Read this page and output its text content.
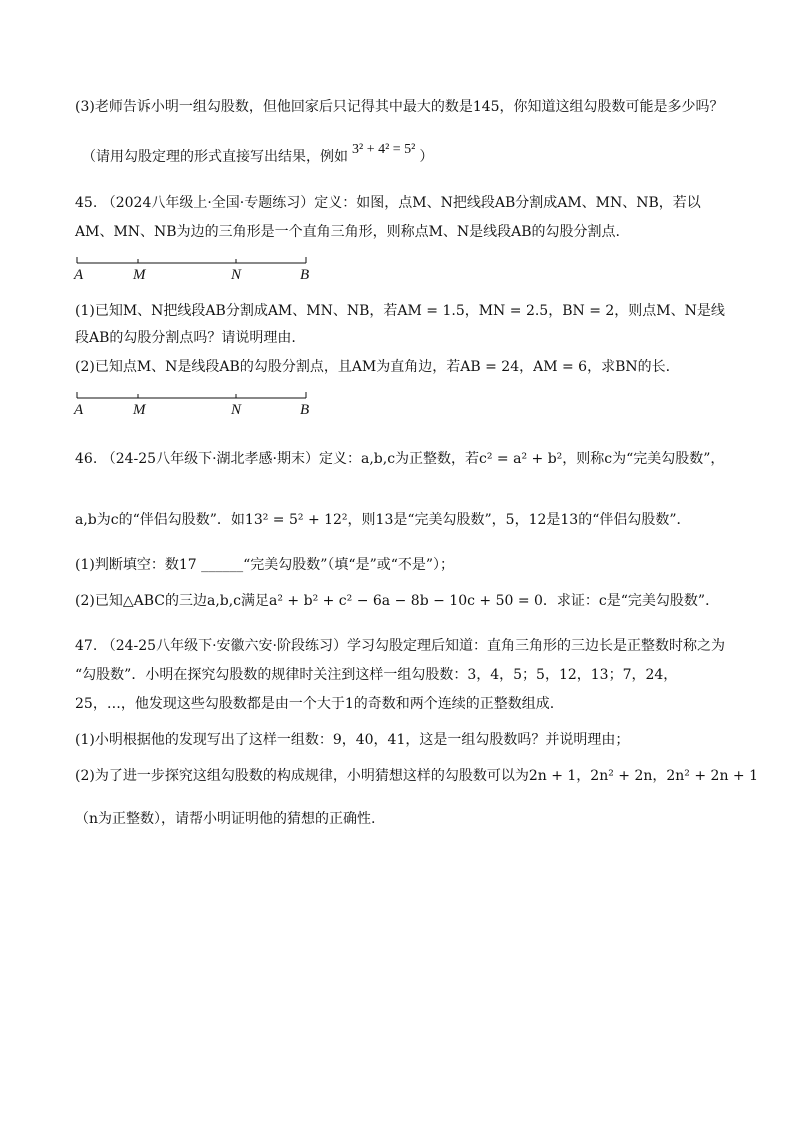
(3)老师告诉小明一组勾股数，但他回家后只记得其中最大的数是145，你知道这组勾股数可能是多少吗？
（请用勾股定理的形式直接写出结果，例如 3² + 4² = 5² ）
45. （2024八年级上·全国·专题练习）定义：如图，点M、N把线段AB分割成AM、MN、NB，若以
AM、MN、NB为边的三角形是一个直角三角形，则称点M、N是线段AB的勾股分割点.
A	M	N	B
(1)已知M、N把线段AB分割成AM、MN、NB，若AM = 1.5，MN = 2.5，BN = 2，则点M、N是线
段AB的勾股分割点吗？请说明理由.
(2)已知点M、N是线段AB的勾股分割点，且AM为直角边，若AB = 24，AM = 6，求BN的长.
A	M	N	B
46. （24-25八年级下·湖北孝感·期末）定义：a,b,c为正整数，若c² = a² + b²，则称c为“完美勾股数”，
a,b为c的“伴侣勾股数”．如13² = 5² + 12²，则13是“完美勾股数”，5，12是13的“伴侣勾股数”．
(1)判断填空：数17 ______“完美勾股数”（填“是”或“不是”）；
(2)已知△ABC的三边a,b,c满足a² + b² + c² − 6a − 8b − 10c + 50 = 0．求证：c是“完美勾股数”．
47. （24-25八年级下·安徽六安·阶段练习）学习勾股定理后知道：直角三角形的三边长是正整数时称之为
“勾股数”．小明在探究勾股数的规律时关注到这样一组勾股数：3，4，5；5，12，13；7，24，
25，…，他发现这些勾股数都是由一个大于1的奇数和两个连续的正整数组成.
(1)小明根据他的发现写出了这样一组数：9，40，41，这是一组勾股数吗？并说明理由；
(2)为了进一步探究这组勾股数的构成规律，小明猜想这样的勾股数可以为2n + 1，2n² + 2n，2n² + 2n + 1
（n为正整数），请帮小明证明他的猜想的正确性.
